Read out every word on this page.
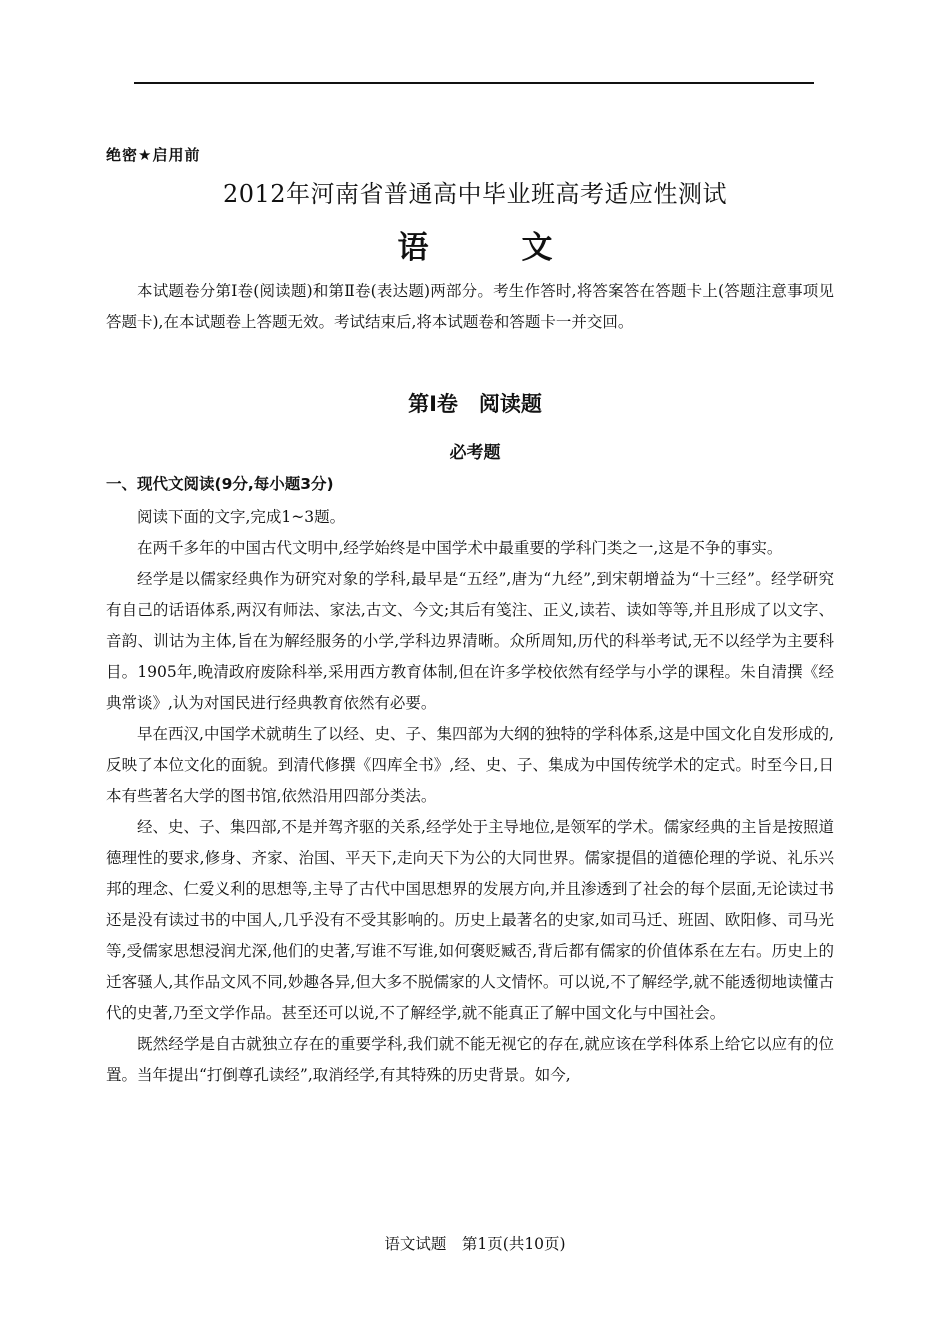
绝密★启用前
2012年河南省普通高中毕业班高考适应性测试
语　　　文

本试题卷分第Ⅰ卷(阅读题)和第Ⅱ卷(表达题)两部分。考生作答时,将答案答在答题卡上(答题注意事项见答题卡),在本试题卷上答题无效。考试结束后,将本试题卷和答题卡一并交回。

第Ⅰ卷　阅读题
必考题
一、现代文阅读(9分,每小题3分)

阅读下面的文字,完成1~3题。

在两千多年的中国古代文明中,经学始终是中国学术中最重要的学科门类之一,这是不争的事实。

经学是以儒家经典作为研究对象的学科,最早是“五经”,唐为“九经”,到宋朝增益为“十三经”。经学研究有自己的话语体系,两汉有师法、家法,古文、今文;其后有笺注、正义,读若、读如等等,并且形成了以文字、音韵、训诂为主体,旨在为解经服务的小学,学科边界清晰。众所周知,历代的科举考试,无不以经学为主要科目。1905年,晚清政府废除科举,采用西方教育体制,但在许多学校依然有经学与小学的课程。朱自清撰《经典常谈》,认为对国民进行经典教育依然有必要。

早在西汉,中国学术就萌生了以经、史、子、集四部为大纲的独特的学科体系,这是中国文化自发形成的,反映了本位文化的面貌。到清代修撰《四库全书》,经、史、子、集成为中国传统学术的定式。时至今日,日本有些著名大学的图书馆,依然沿用四部分类法。

经、史、子、集四部,不是并驾齐驱的关系,经学处于主导地位,是领军的学术。儒家经典的主旨是按照道德理性的要求,修身、齐家、治国、平天下,走向天下为公的大同世界。儒家提倡的道德伦理的学说、礼乐兴邦的理念、仁爱义利的思想等,主导了古代中国思想界的发展方向,并且渗透到了社会的每个层面,无论读过书还是没有读过书的中国人,几乎没有不受其影响的。历史上最著名的史家,如司马迁、班固、欧阳修、司马光等,受儒家思想浸润尤深,他们的史著,写谁不写谁,如何褒贬臧否,背后都有儒家的价值体系在左右。历史上的迁客骚人,其作品文风不同,妙趣各异,但大多不脱儒家的人文情怀。可以说,不了解经学,就不能透彻地读懂古代的史著,乃至文学作品。甚至还可以说,不了解经学,就不能真正了解中国文化与中国社会。

既然经学是自古就独立存在的重要学科,我们就不能无视它的存在,就应该在学科体系上给它以应有的位置。当年提出“打倒尊孔读经”,取消经学,有其特殊的历史背景。如今,

语文试题　第1页(共10页)
